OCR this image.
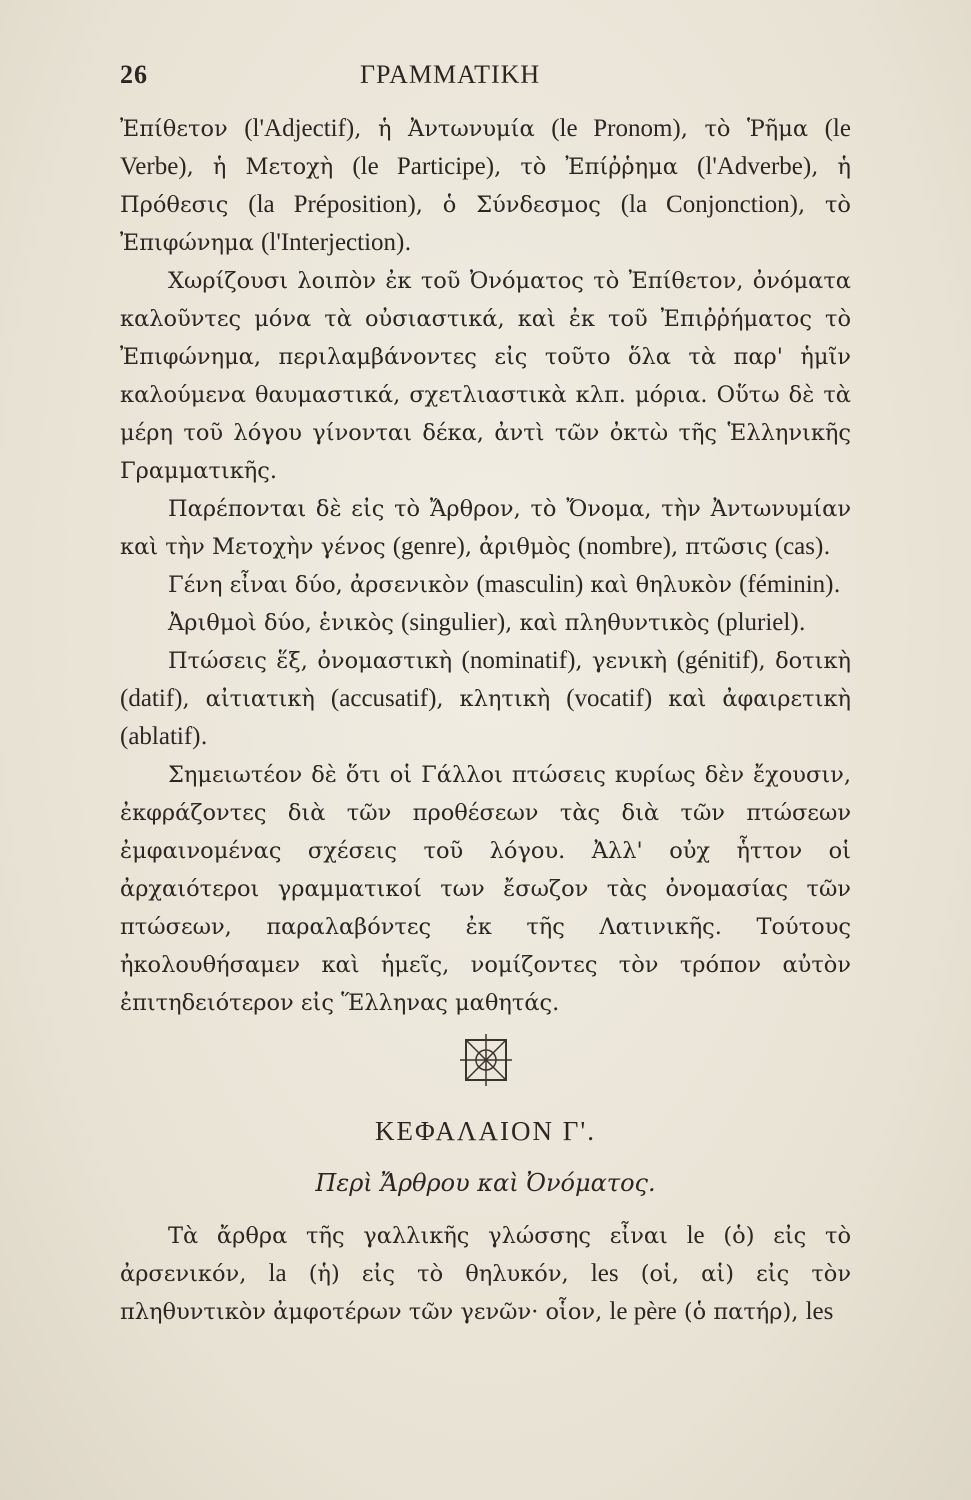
26	ΓΡΑΜΜΑΤΙΚΗ

Ἐπίθετον (l'Adjectif), ἡ Ἀντωνυμία (le Pronom), τὸ Ῥῆμα (le Verbe), ἡ Μετοχὴ (le Participe), τὸ Ἐπίῤῥημα (l'Adverbe), ἡ Πρόθεσις (la Préposition), ὁ Σύνδεσμος (la Conjonction), τὸ Ἐπιφώνημα (l'Interjection).

Χωρίζουσι λοιπὸν ἐκ τοῦ Ὀνόματος τὸ Ἐπίθετον, ὀνόματα καλοῦντες μόνα τὰ οὐσιαστικά, καὶ ἐκ τοῦ Ἐπιῤῥήματος τὸ Ἐπιφώνημα, περιλαμβάνοντες εἰς τοῦτο ὅλα τὰ παρ' ἡμῖν καλούμενα θαυμαστικά, σχετλιαστικὰ κλπ. μόρια. Οὕτω δὲ τὰ μέρη τοῦ λόγου γίνονται δέκα, ἀντὶ τῶν ὀκτὼ τῆς Ἑλληνικῆς Γραμματικῆς.

Παρέπονται δὲ εἰς τὸ Ἄρθρον, τὸ Ὄνομα, τὴν Ἀντωνυμίαν καὶ τὴν Μετοχὴν γένος (genre), ἀριθμὸς (nombre), πτῶσις (cas).

Γένη εἶναι δύο, ἀρσενικὸν (masculin) καὶ θηλυκὸν (féminin).

Ἀριθμοὶ δύο, ἑνικὸς (singulier), καὶ πληθυντικὸς (pluriel).

Πτώσεις ἕξ, ὀνομαστικὴ (nominatif), γενικὴ (génitif), δοτικὴ (datif), αἰτιατικὴ (accusatif), κλητικὴ (vocatif) καὶ ἀφαιρετικὴ (ablatif).

Σημειωτέον δὲ ὅτι οἱ Γάλλοι πτώσεις κυρίως δὲν ἔχουσιν, ἐκφράζοντες διὰ τῶν προθέσεων τὰς διὰ τῶν πτώσεων ἐμφαινομένας σχέσεις τοῦ λόγου. Ἀλλ' οὐχ ἧττον οἱ ἀρχαιότεροι γραμματικοί των ἔσωζον τὰς ὀνομασίας τῶν πτώσεων, παραλαβόντες ἐκ τῆς Λατινικῆς. Τούτους ἠκολουθήσαμεν καὶ ἡμεῖς, νομίζοντες τὸν τρόπον αὐτὸν ἐπιτηδειότερον εἰς Ἕλληνας μαθητάς.

ΚΕΦΑΛΑΙΟΝ Γ'.
Περὶ Ἄρθρου καὶ Ὀνόματος.

Τὰ ἄρθρα τῆς γαλλικῆς γλώσσης εἶναι le (ὁ) εἰς τὸ ἀρσενικόν, la (ἡ) εἰς τὸ θηλυκόν, les (οἱ, αἱ) εἰς τὸν πληθυντικὸν ἀμφοτέρων τῶν γενῶν· οἷον, le père (ὁ πατήρ), les
